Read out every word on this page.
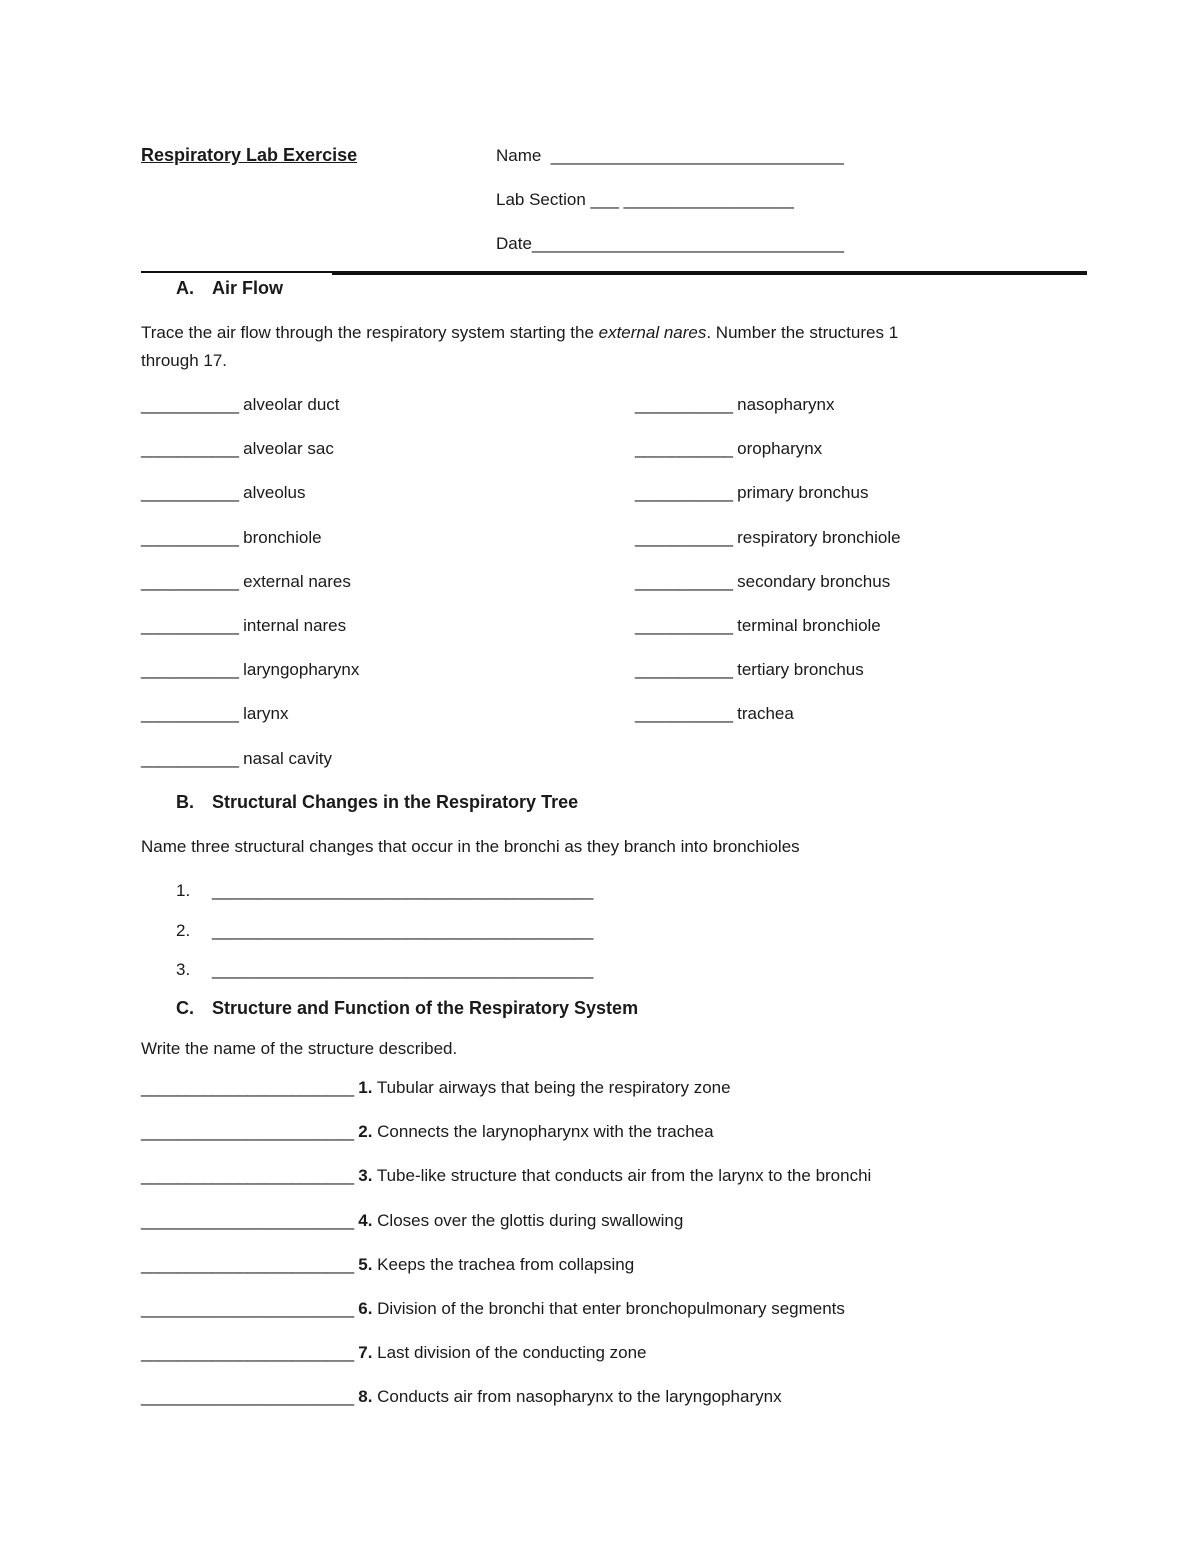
Respiratory Lab Exercise	Name  _______________________________
Lab Section ___ __________________
Date_________________________________
A. Air Flow
Trace the air flow through the respiratory system starting the external nares. Number the structures 1
through 17.
___________ alveolar duct
___________ alveolar sac
___________ alveolus
___________ bronchiole
___________ external nares
___________ internal nares
___________ laryngopharynx
___________ larynx
___________ nasal cavity
___________ nasopharynx
___________ oropharynx
___________ primary bronchus
___________ respiratory bronchiole
___________ secondary bronchus
___________ terminal bronchiole
___________ tertiary bronchus
___________ trachea
B. Structural Changes in the Respiratory Tree
Name three structural changes that occur in the bronchi as they branch into bronchioles
1. ___________________________________________
2. ___________________________________________
3. ___________________________________________
C. Structure and Function of the Respiratory System
Write the name of the structure described.
________________________ 1. Tubular airways that being the respiratory zone
________________________ 2. Connects the larynopharynx with the trachea
________________________ 3. Tube-like structure that conducts air from the larynx to the bronchi
________________________ 4. Closes over the glottis during swallowing
________________________ 5. Keeps the trachea from collapsing
________________________ 6. Division of the bronchi that enter bronchopulmonary segments
________________________ 7. Last division of the conducting zone
________________________ 8. Conducts air from nasopharynx to the laryngopharynx
